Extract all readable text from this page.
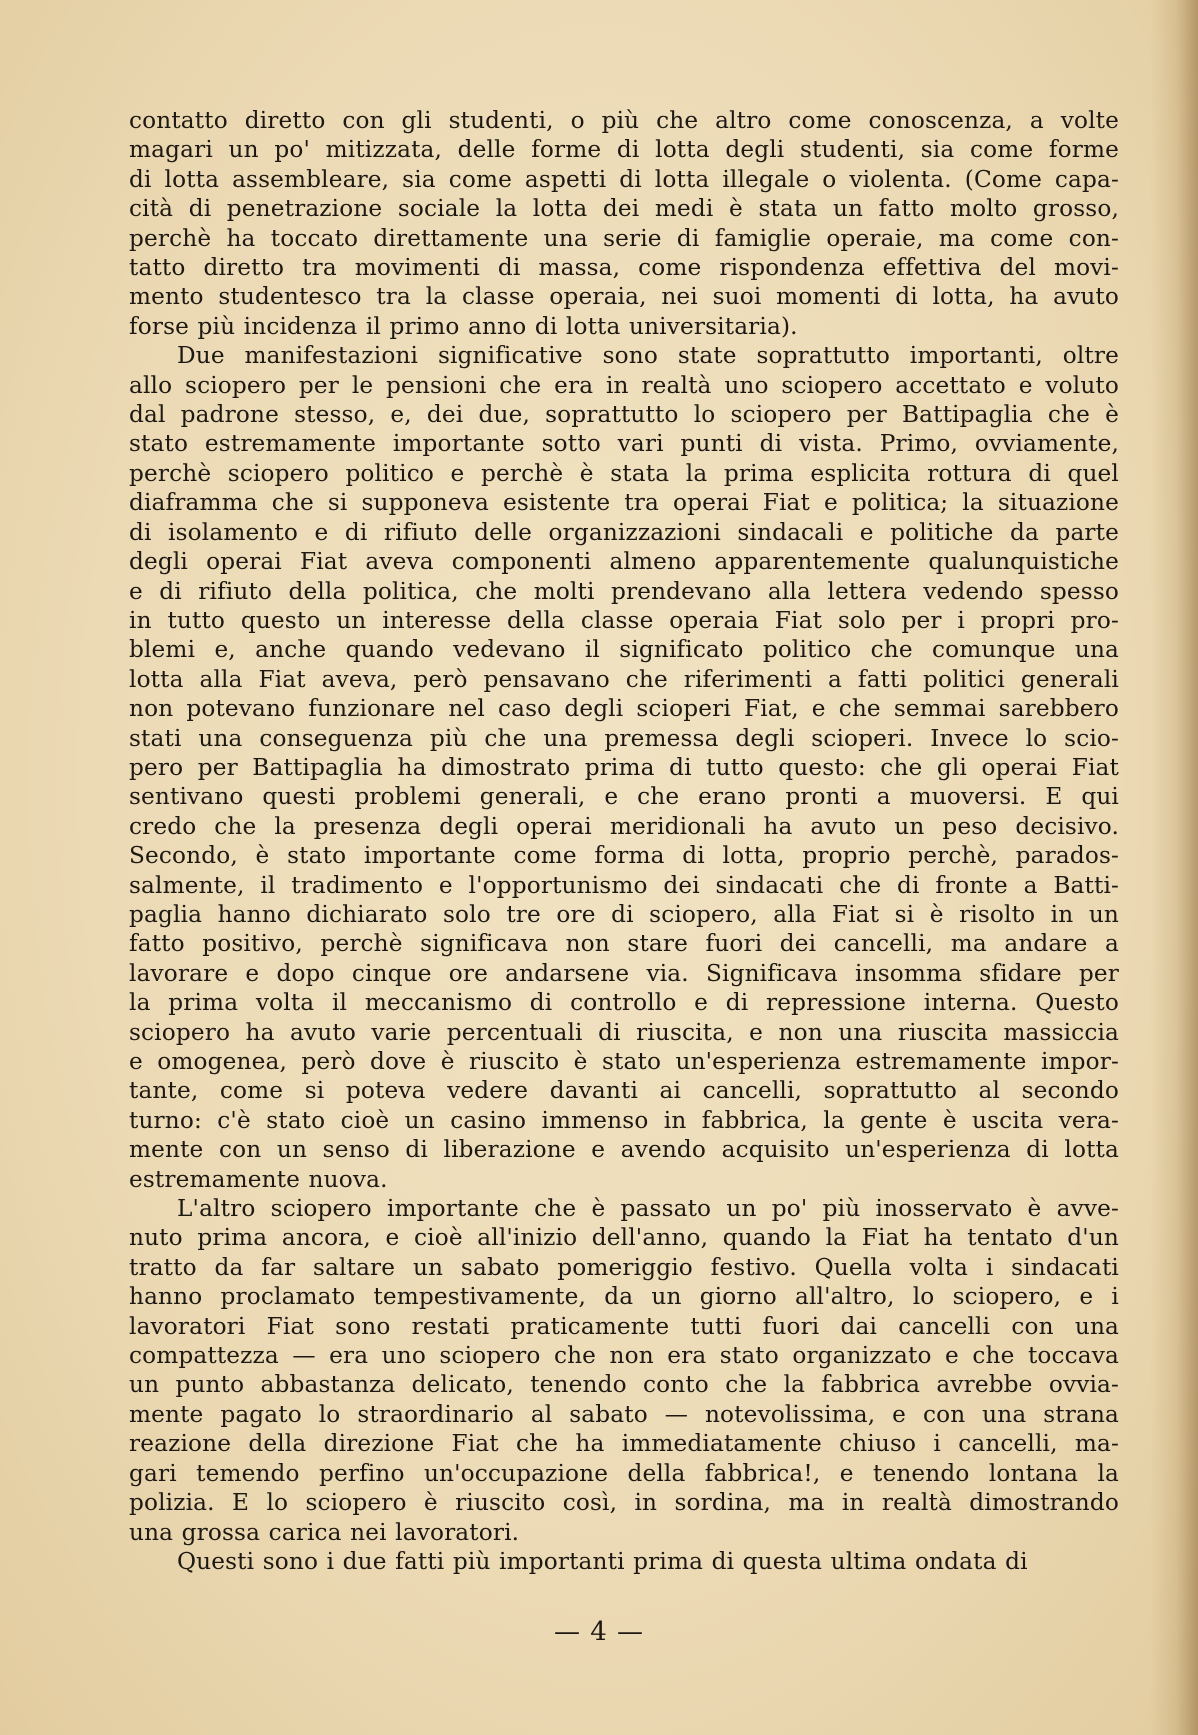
contatto diretto con gli studenti, o più che altro come conoscenza, a volte
magari un po' mitizzata, delle forme di lotta degli studenti, sia come forme
di lotta assembleare, sia come aspetti di lotta illegale o violenta. (Come capa-
cità di penetrazione sociale la lotta dei medi è stata un fatto molto grosso,
perchè ha toccato direttamente una serie di famiglie operaie, ma come con-
tatto diretto tra movimenti di massa, come rispondenza effettiva del movi-
mento studentesco tra la classe operaia, nei suoi momenti di lotta, ha avuto
forse più incidenza il primo anno di lotta universitaria).
Due manifestazioni significative sono state soprattutto importanti, oltre
allo sciopero per le pensioni che era in realtà uno sciopero accettato e voluto
dal padrone stesso, e, dei due, soprattutto lo sciopero per Battipaglia che è
stato estremamente importante sotto vari punti di vista. Primo, ovviamente,
perchè sciopero politico e perchè è stata la prima esplicita rottura di quel
diaframma che si supponeva esistente tra operai Fiat e politica; la situazione
di isolamento e di rifiuto delle organizzazioni sindacali e politiche da parte
degli operai Fiat aveva componenti almeno apparentemente qualunquistiche
e di rifiuto della politica, che molti prendevano alla lettera vedendo spesso
in tutto questo un interesse della classe operaia Fiat solo per i propri pro-
blemi e, anche quando vedevano il significato politico che comunque una
lotta alla Fiat aveva, però pensavano che riferimenti a fatti politici generali
non potevano funzionare nel caso degli scioperi Fiat, e che semmai sarebbero
stati una conseguenza più che una premessa degli scioperi. Invece lo scio-
pero per Battipaglia ha dimostrato prima di tutto questo: che gli operai Fiat
sentivano questi problemi generali, e che erano pronti a muoversi. E qui
credo che la presenza degli operai meridionali ha avuto un peso decisivo.
Secondo, è stato importante come forma di lotta, proprio perchè, parados-
salmente, il tradimento e l'opportunismo dei sindacati che di fronte a Batti-
paglia hanno dichiarato solo tre ore di sciopero, alla Fiat si è risolto in un
fatto positivo, perchè significava non stare fuori dei cancelli, ma andare a
lavorare e dopo cinque ore andarsene via. Significava insomma sfidare per
la prima volta il meccanismo di controllo e di repressione interna. Questo
sciopero ha avuto varie percentuali di riuscita, e non una riuscita massiccia
e omogenea, però dove è riuscito è stato un'esperienza estremamente impor-
tante, come si poteva vedere davanti ai cancelli, soprattutto al secondo
turno: c'è stato cioè un casino immenso in fabbrica, la gente è uscita vera-
mente con un senso di liberazione e avendo acquisito un'esperienza di lotta
estremamente nuova.
L'altro sciopero importante che è passato un po' più inosservato è avve-
nuto prima ancora, e cioè all'inizio dell'anno, quando la Fiat ha tentato d'un
tratto da far saltare un sabato pomeriggio festivo. Quella volta i sindacati
hanno proclamato tempestivamente, da un giorno all'altro, lo sciopero, e i
lavoratori Fiat sono restati praticamente tutti fuori dai cancelli con una
compattezza — era uno sciopero che non era stato organizzato e che toccava
un punto abbastanza delicato, tenendo conto che la fabbrica avrebbe ovvia-
mente pagato lo straordinario al sabato — notevolissima, e con una strana
reazione della direzione Fiat che ha immediatamente chiuso i cancelli, ma-
gari temendo perfino un'occupazione della fabbrica!, e tenendo lontana la
polizia. E lo sciopero è riuscito così, in sordina, ma in realtà dimostrando
una grossa carica nei lavoratori.
Questi sono i due fatti più importanti prima di questa ultima ondata di
— 4 —
